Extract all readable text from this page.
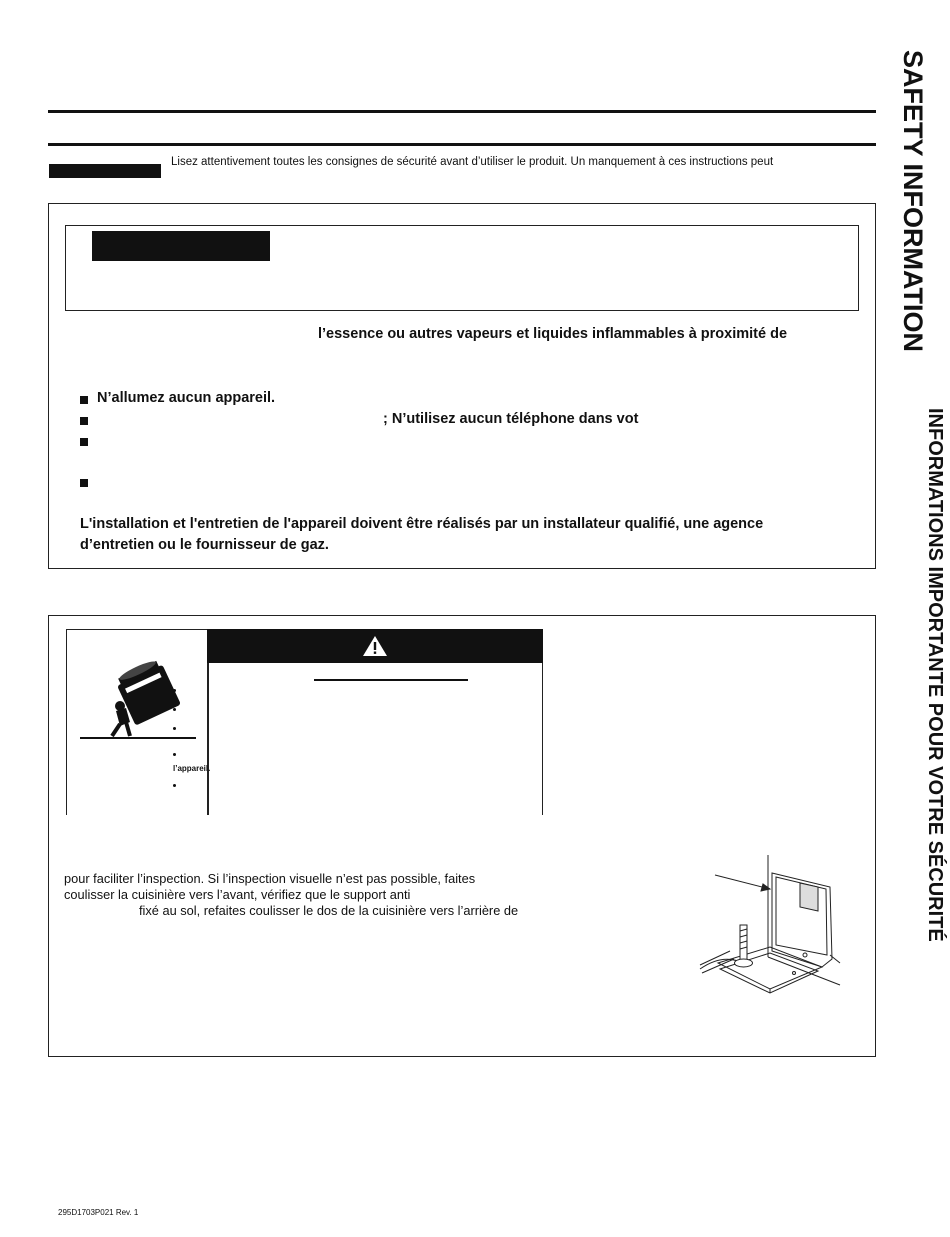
Lisez attentivement toutes les consignes de sécurité avant d’utiliser le produit. Un manquement à ces instructions peut
l’essence ou autres vapeurs et liquides inflammables à proximité de
N’allumez aucun appareil.
; N’utilisez aucun téléphone dans vot
L'installation et l'entretien de l'appareil doivent être réalisés par un installateur qualifié, une agence
d’entretien ou le fournisseur de gaz.
l’appareil.
pour faciliter l’inspection. Si l’inspection visuelle n’est pas possible, faites
coulisser la cuisinière vers l’avant, vérifiez que le support anti
fixé au sol, refaites coulisser le dos de la cuisinière vers l’arrière de
SAFETY INFORMATION
INFORMATIONS IMPORTANTE POUR VOTRE SÉCURITÉ
295D1703P021 Rev. 1
